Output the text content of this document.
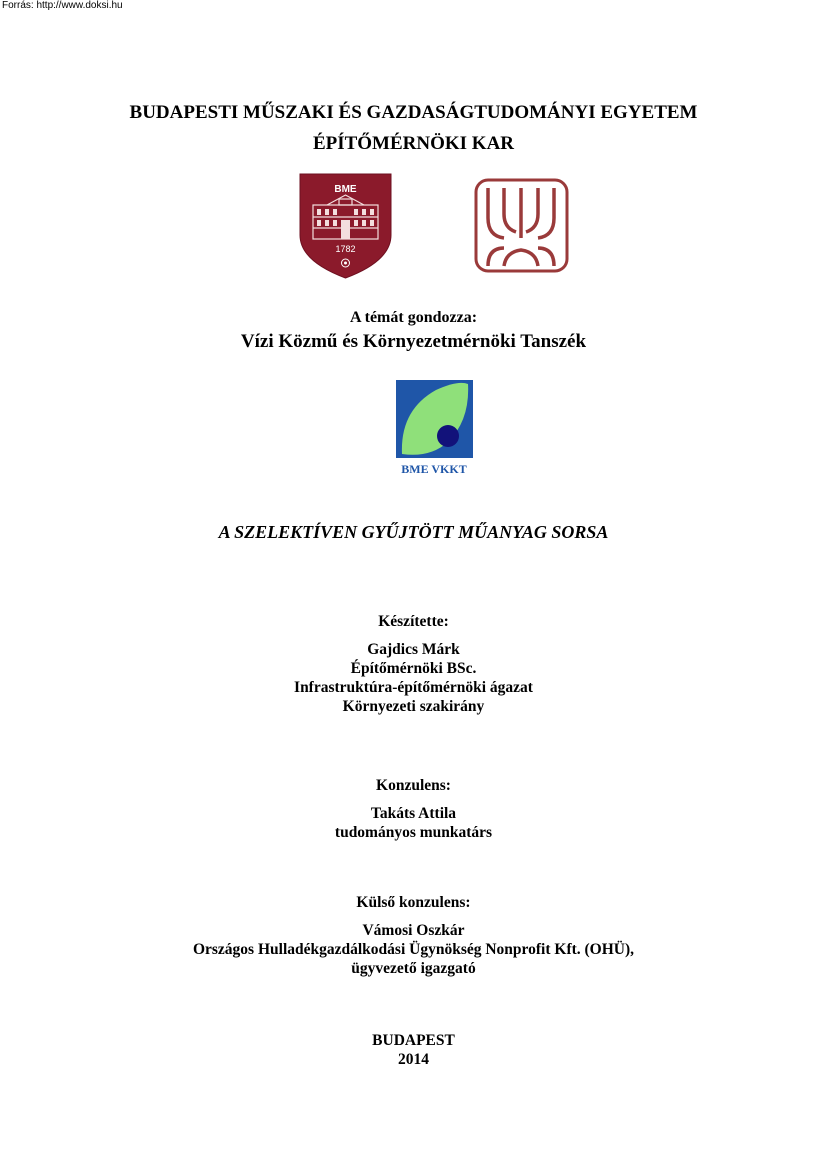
Forrás: http://www.doksi.hu
BUDAPESTI MŰSZAKI ÉS GAZDASÁGTUDOMÁNYI EGYETEM
ÉPÍTŐMÉRNÖKI KAR
BME
1782
A témát gondozza:
Vízi Közmű és Környezetmérnöki Tanszék
BME VKKT
A SZELEKTÍVEN GYŰJTÖTT MŰANYAG SORSA
Készítette:
Gajdics Márk
Építőmérnöki BSc.
Infrastruktúra-építőmérnöki ágazat
Környezeti szakirány
Konzulens:
Takáts Attila
tudományos munkatárs
Külső konzulens:
Vámosi Oszkár
Országos Hulladékgazdálkodási Ügynökség Nonprofit Kft. (OHÜ),
ügyvezető igazgató
BUDAPEST
2014
